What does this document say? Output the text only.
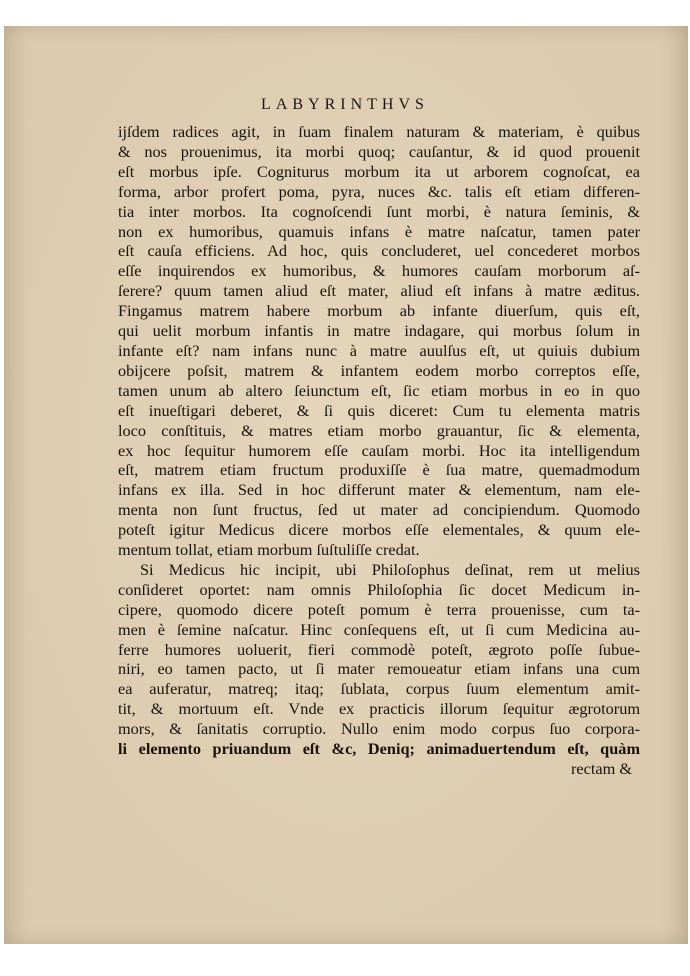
LABYRINTHVS
ijſdem radices agit, in ſuam finalem naturam & materiam, è quibus
& nos prouenimus, ita morbi quoq; cauſantur, & id quod prouenit
eſt morbus ipſe. Cogniturus morbum ita ut arborem cognoſcat, ea
forma, arbor profert poma, pyra, nuces &c. talis eſt etiam differen-
tia inter morbos. Ita cognoſcendi ſunt morbi, è natura ſeminis, &
non ex humoribus, quamuis infans è matre naſcatur, tamen pater
eſt cauſa efficiens. Ad hoc, quis concluderet, uel concederet morbos
eſſe inquirendos ex humoribus, & humores cauſam morborum aſ-
ſerere? quum tamen aliud eſt mater, aliud eſt infans à matre æditus.
Fingamus matrem habere morbum ab infante diuerſum, quis eſt,
qui uelit morbum infantis in matre indagare, qui morbus ſolum in
infante eſt? nam infans nunc à matre auulſus eſt, ut quiuis dubium
obijcere poſsit, matrem & infantem eodem morbo correptos eſſe,
tamen unum ab altero ſeiunctum eſt, ſic etiam morbus in eo in quo
eſt inueſtigari deberet, & ſi quis diceret: Cum tu elementa matris
loco conſtituis, & matres etiam morbo grauantur, ſic & elementa,
ex hoc ſequitur humorem eſſe cauſam morbi. Hoc ita intelligendum
eſt, matrem etiam fructum produxiſſe è ſua matre, quemadmodum
infans ex illa. Sed in hoc differunt mater & elementum, nam ele-
menta non ſunt fructus, ſed ut mater ad concipiendum. Quomodo
poteſt igitur Medicus dicere morbos eſſe elementales, & quum ele-
mentum tollat, etiam morbum ſuſtuliſſe credat.
Si Medicus hic incipit, ubi Philoſophus deſinat, rem ut melius
conſideret oportet: nam omnis Philoſophia ſic docet Medicum in-
cipere, quomodo dicere poteſt pomum è terra prouenisse, cum ta-
men è ſemine naſcatur. Hinc conſequens eſt, ut ſi cum Medicina au-
ferre humores uoluerit, fieri commodè poteſt, ægroto poſſe ſubue-
niri, eo tamen pacto, ut ſi mater remoueatur etiam infans una cum
ea auferatur, matreq; itaq; ſublata, corpus ſuum elementum amit-
tit, & mortuum eſt. Vnde ex practicis illorum ſequitur ægrotorum
mors, & ſanitatis corruptio. Nullo enim modo corpus ſuo corpora-
li elemento priuandum eſt &c, Deniq; animaduertendum eſt, quàm
rectam &
